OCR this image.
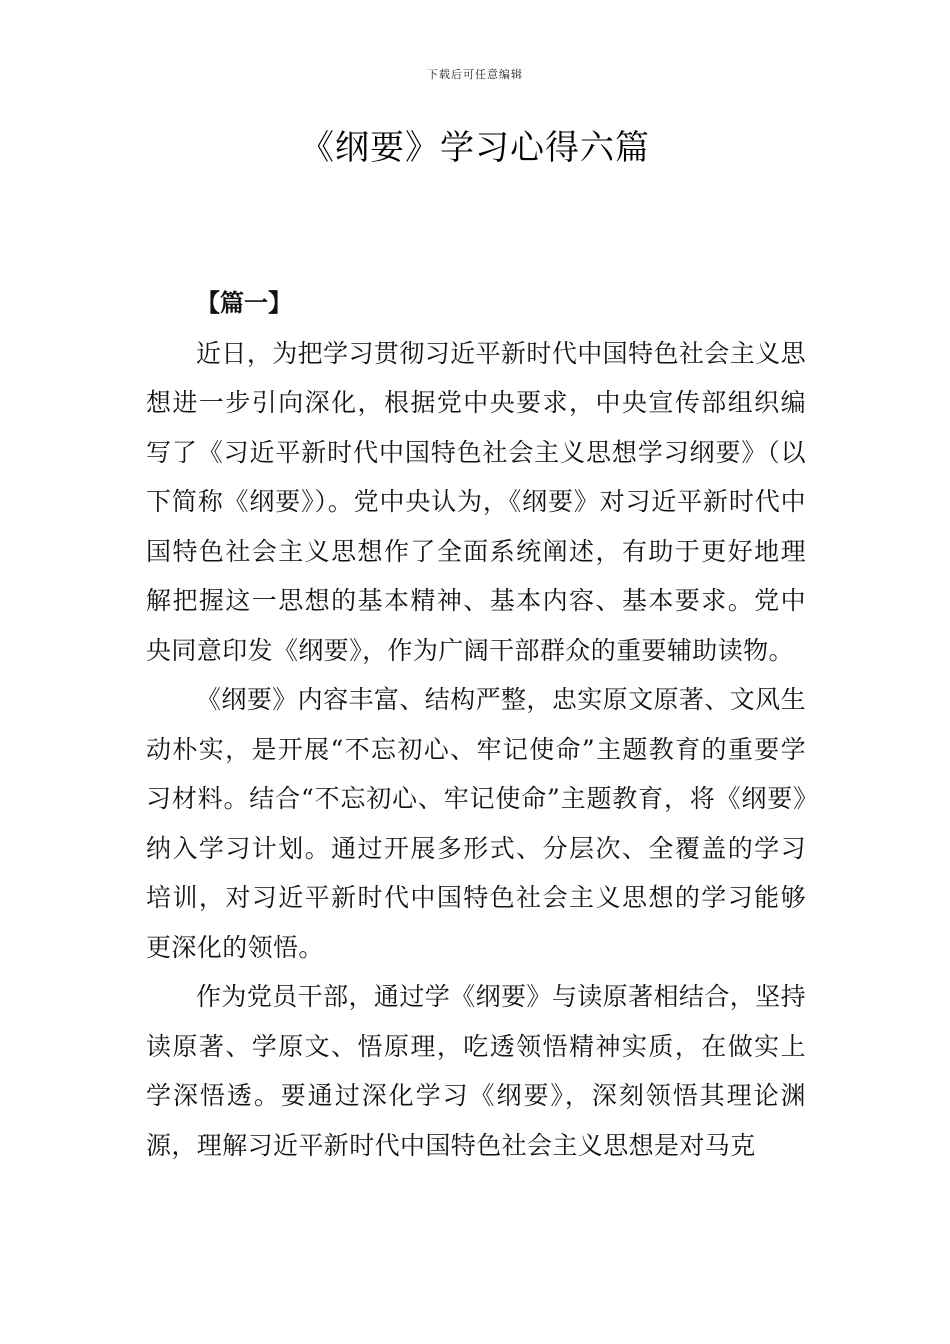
下载后可任意编辑
《纲要》学习心得六篇

【篇一】

近日，为把学习贯彻习近平新时代中国特色社会主义思想进一步引向深化，根据党中央要求，中央宣传部组织编写了《习近平新时代中国特色社会主义思想学习纲要》（以下简称《纲要》）。党中央认为，《纲要》对习近平新时代中国特色社会主义思想作了全面系统阐述，有助于更好地理解把握这一思想的基本精神、基本内容、基本要求。党中央同意印发《纲要》，作为广阔干部群众的重要辅助读物。

《纲要》内容丰富、结构严整，忠实原文原著、文风生动朴实，是开展“不忘初心、牢记使命”主题教育的重要学习材料。结合“不忘初心、牢记使命”主题教育，将《纲要》纳入学习计划。通过开展多形式、分层次、全覆盖的学习培训，对习近平新时代中国特色社会主义思想的学习能够更深化的领悟。

作为党员干部，通过学《纲要》与读原著相结合，坚持读原著、学原文、悟原理，吃透领悟精神实质，在做实上学深悟透。要通过深化学习《纲要》，深刻领悟其理论渊源，理解习近平新时代中国特色社会主义思想是对马克
